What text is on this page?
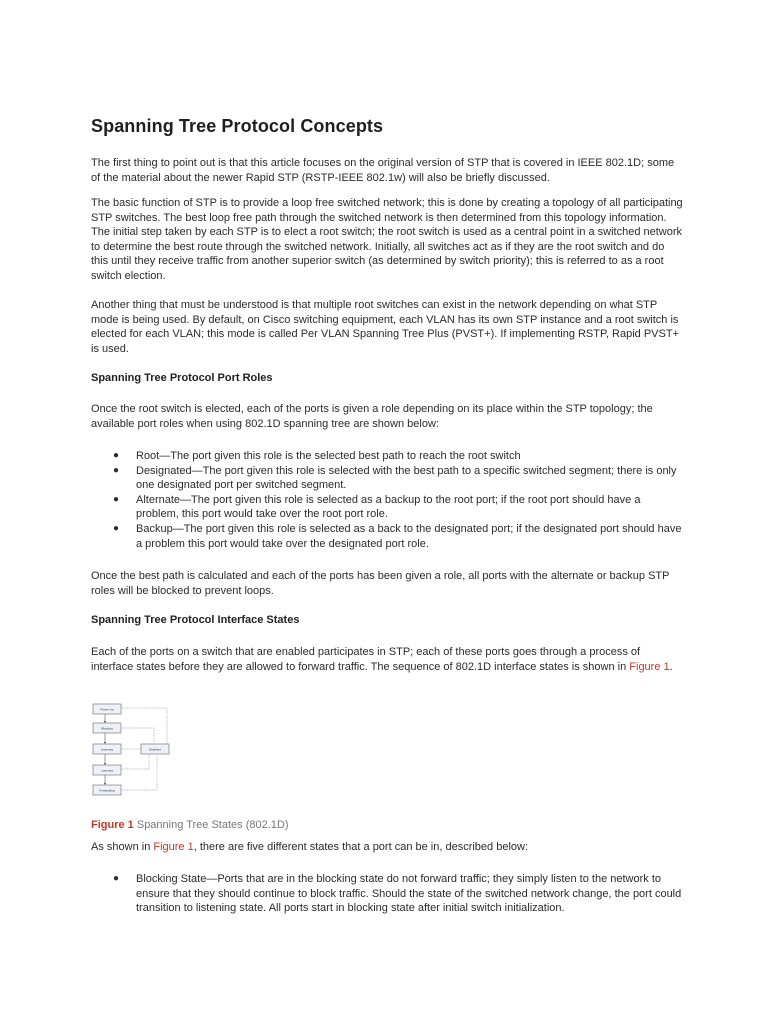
Spanning Tree Protocol Concepts

The first thing to point out is that this article focuses on the original version of STP that is covered in IEEE 802.1D; some of the material about the newer Rapid STP (RSTP-IEEE 802.1w) will also be briefly discussed.

The basic function of STP is to provide a loop free switched network; this is done by creating a topology of all participating STP switches. The best loop free path through the switched network is then determined from this topology information. The initial step taken by each STP is to elect a root switch; the root switch is used as a central point in a switched network to determine the best route through the switched network. Initially, all switches act as if they are the root switch and do this until they receive traffic from another superior switch (as determined by switch priority); this is referred to as a root switch election.

Another thing that must be understood is that multiple root switches can exist in the network depending on what STP mode is being used. By default, on Cisco switching equipment, each VLAN has its own STP instance and a root switch is elected for each VLAN; this mode is called Per VLAN Spanning Tree Plus (PVST+). If implementing RSTP, Rapid PVST+ is used.

Spanning Tree Protocol Port Roles

Once the root switch is elected, each of the ports is given a role depending on its place within the STP topology; the available port roles when using 802.1D spanning tree are shown below:

● Root—The port given this role is the selected best path to reach the root switch
● Designated—The port given this role is selected with the best path to a specific switched segment; there is only one designated port per switched segment.
● Alternate—The port given this role is selected as a backup to the root port; if the root port should have a problem, this port would take over the root port role.
● Backup—The port given this role is selected as a back to the designated port; if the designated port should have a problem this port would take over the designated port role.

Once the best path is calculated and each of the ports has been given a role, all ports with the alternate or backup STP roles will be blocked to prevent loops.

Spanning Tree Protocol Interface States

Each of the ports on a switch that are enabled participates in STP; each of these ports goes through a process of interface states before they are allowed to forward traffic. The sequence of 802.1D interface states is shown in Figure 1.

Power Up
Blocking
Listening
Learning
Forwarding
Disabled

Figure 1 Spanning Tree States (802.1D)

As shown in Figure 1, there are five different states that a port can be in, described below:

● Blocking State—Ports that are in the blocking state do not forward traffic; they simply listen to the network to ensure that they should continue to block traffic. Should the state of the switched network change, the port could transition to listening state. All ports start in blocking state after initial switch initialization.
